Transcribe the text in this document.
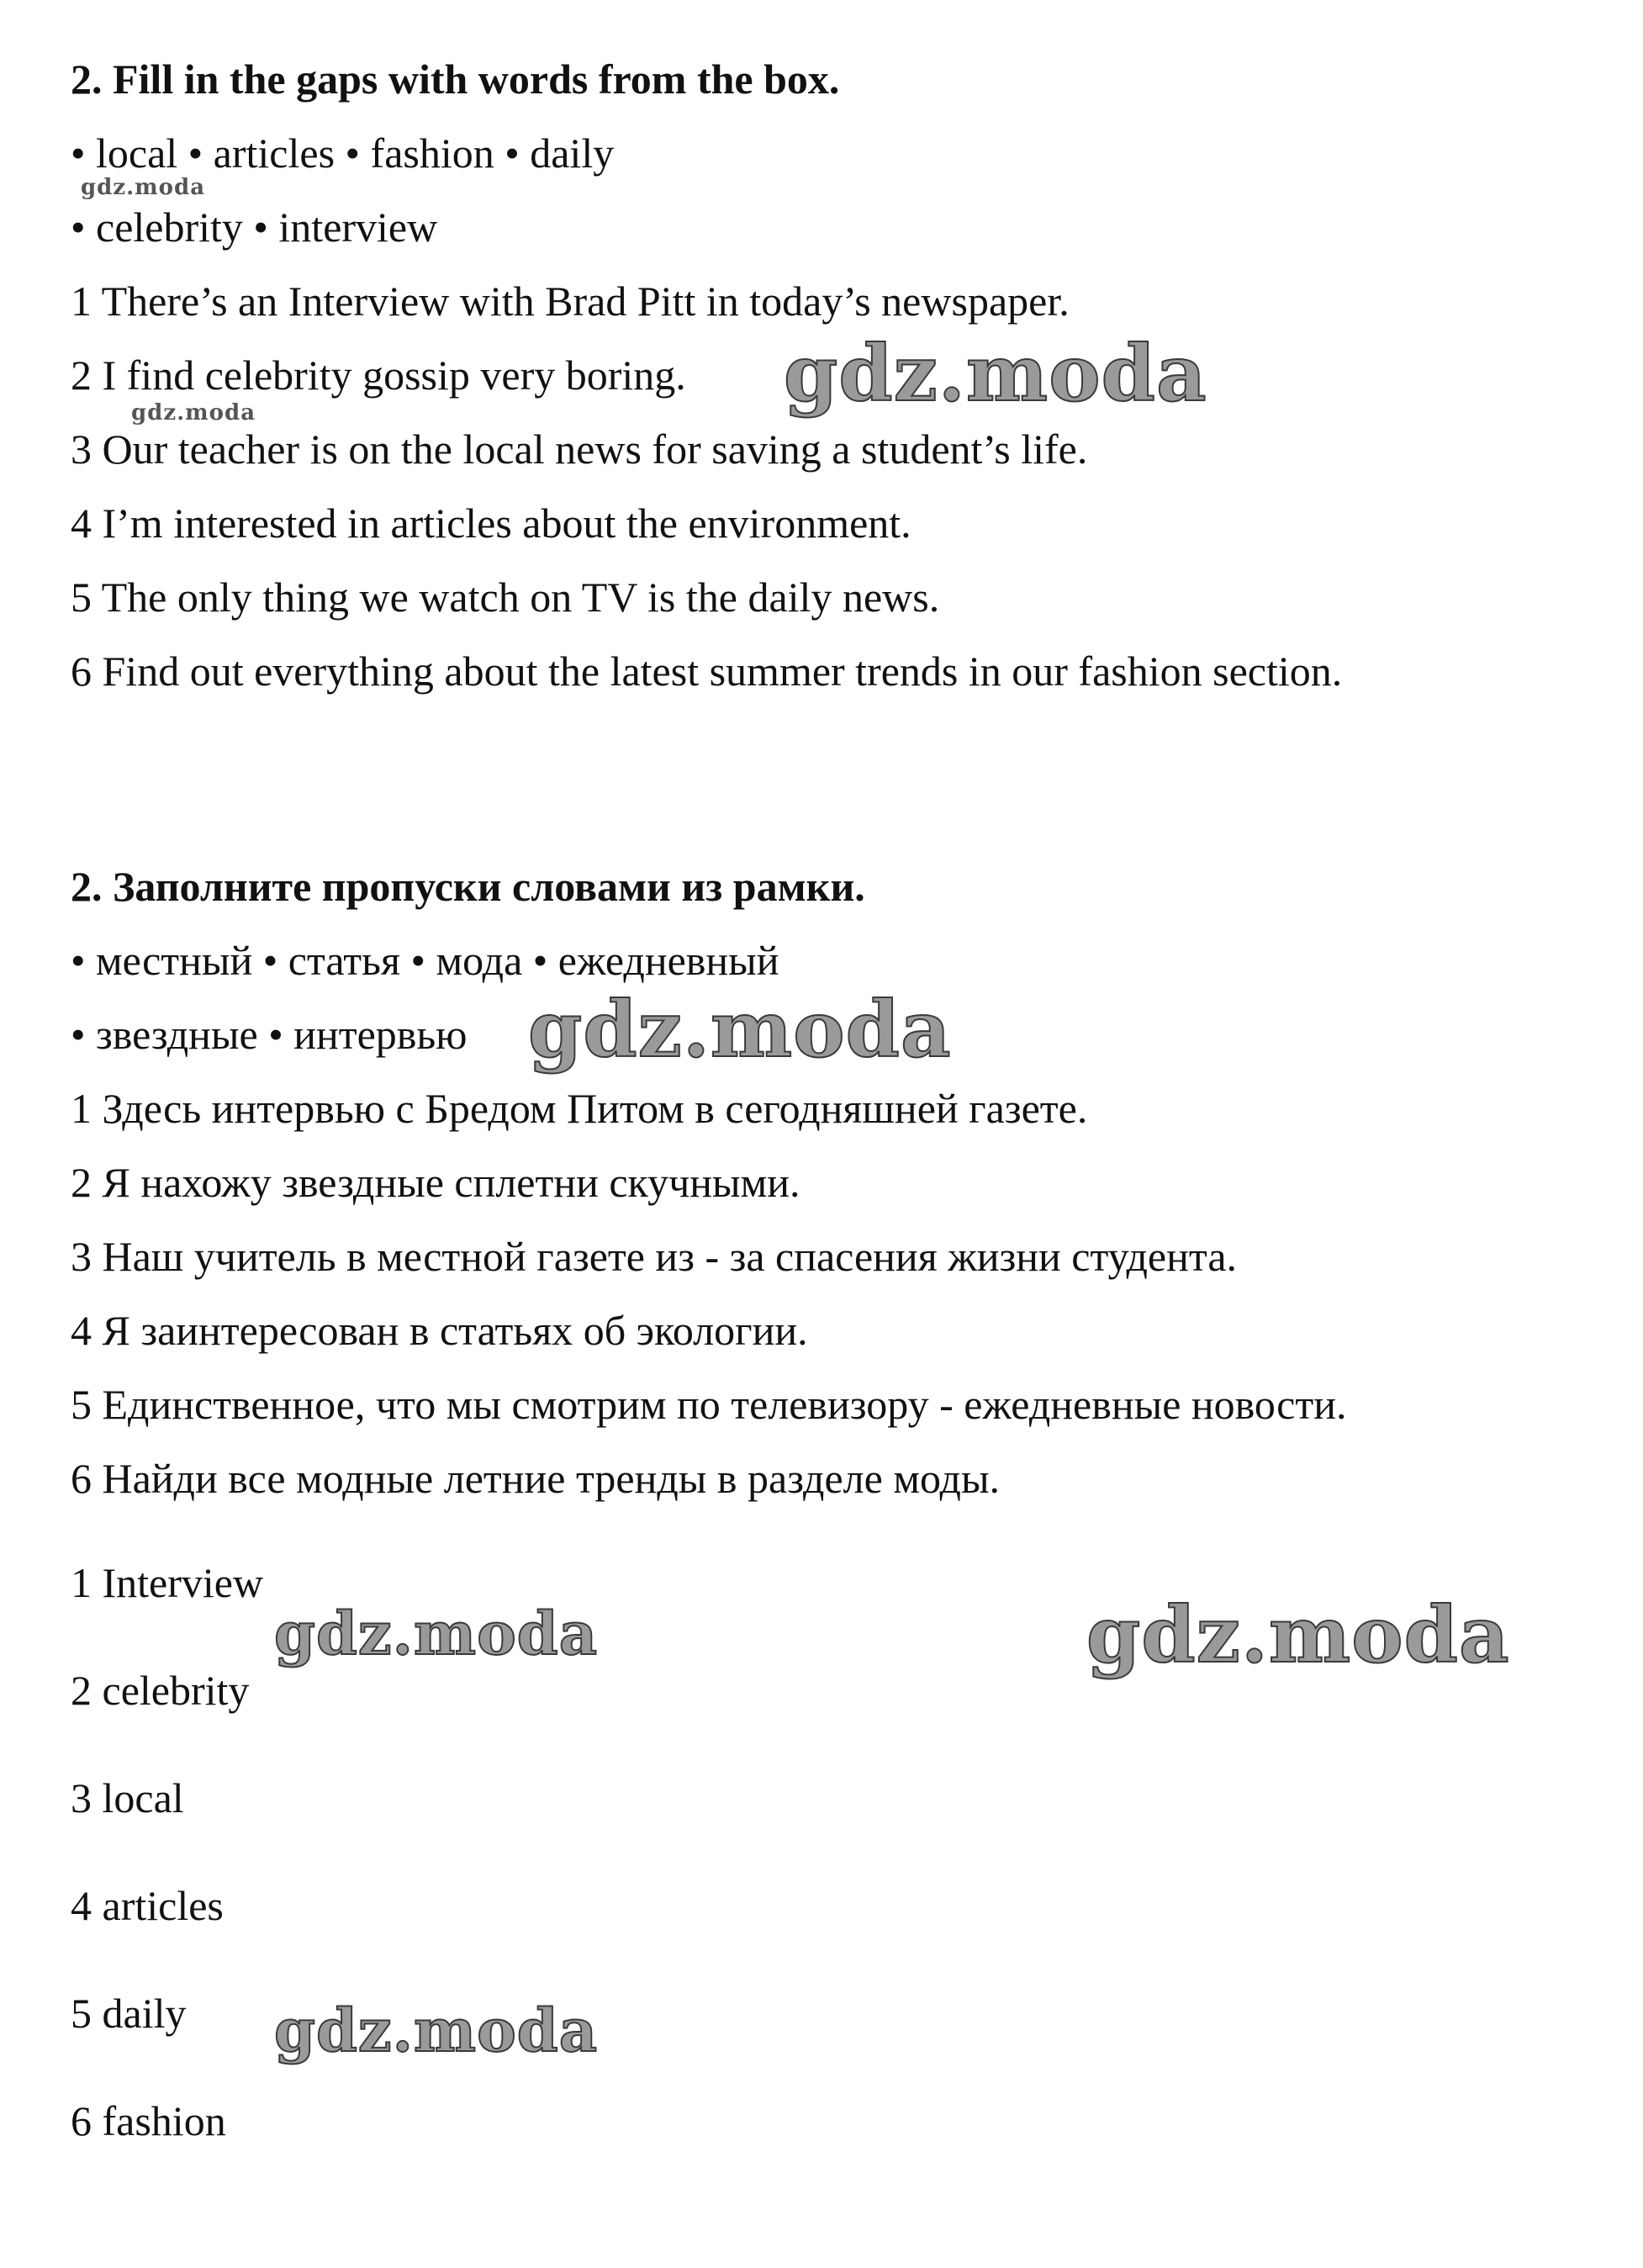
2. Fill in the gaps with words from the box.
• local • articles • fashion • daily
• celebrity • interview
1 There’s an Interview with Brad Pitt in today’s newspaper.
2 I find celebrity gossip very boring.
3 Our teacher is on the local news for saving a student’s life.
4 I’m interested in articles about the environment.
5 The only thing we watch on TV is the daily news.
6 Find out everything about the latest summer trends in our fashion section.
2. Заполните пропуски словами из рамки.
• местный • статья • мода • ежедневный
• звездные • интервью
1 Здесь интервью с Бредом Питом в сегодняшней газете.
2 Я нахожу звездные сплетни скучными.
3 Наш учитель в местной газете из - за спасения жизни студента.
4 Я заинтересован в статьях об экологии.
5 Единственное, что мы смотрим по телевизору - ежедневные новости.
6 Найди все модные летние тренды в разделе моды.
1 Interview
2 celebrity
3 local
4 articles
5 daily
6 fashion
gdz.moda
gdz.moda	gdz.moda
gdz.moda
gdz.moda	gdz.moda
gdz.moda
